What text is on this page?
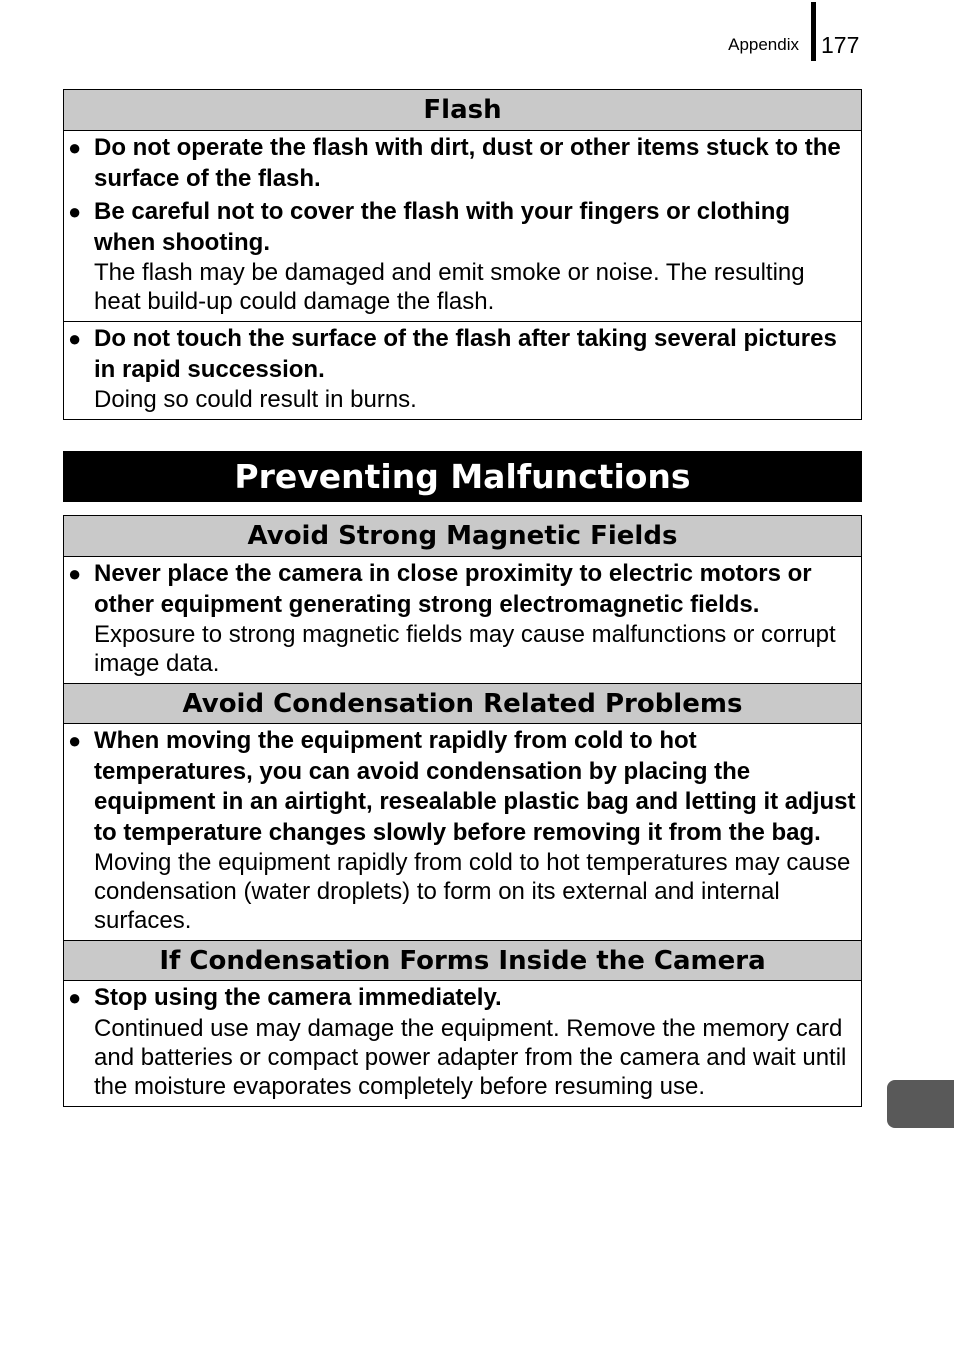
Appendix 177
Flash
● Do not operate the flash with dirt, dust or other items stuck to the surface of the flash.
● Be careful not to cover the flash with your fingers or clothing when shooting.
The flash may be damaged and emit smoke or noise. The resulting heat build-up could damage the flash.
● Do not touch the surface of the flash after taking several pictures in rapid succession.
Doing so could result in burns.
Preventing Malfunctions
Avoid Strong Magnetic Fields
● Never place the camera in close proximity to electric motors or other equipment generating strong electromagnetic fields.
Exposure to strong magnetic fields may cause malfunctions or corrupt image data.
Avoid Condensation Related Problems
● When moving the equipment rapidly from cold to hot temperatures, you can avoid condensation by placing the equipment in an airtight, resealable plastic bag and letting it adjust to temperature changes slowly before removing it from the bag.
Moving the equipment rapidly from cold to hot temperatures may cause condensation (water droplets) to form on its external and internal surfaces.
If Condensation Forms Inside the Camera
● Stop using the camera immediately.
Continued use may damage the equipment. Remove the memory card and batteries or compact power adapter from the camera and wait until the moisture evaporates completely before resuming use.
